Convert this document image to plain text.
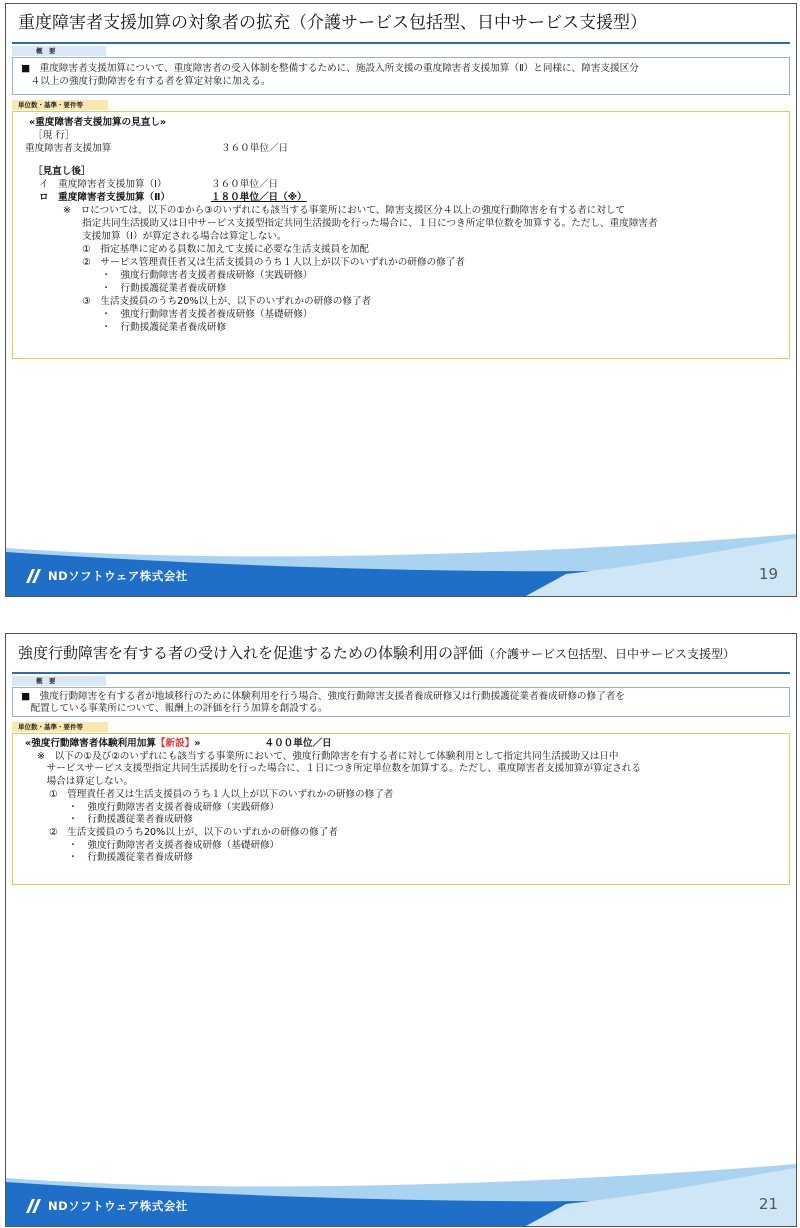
重度障害者支援加算の対象者の拡充（介護サービス包括型、日中サービス支援型）
概　要
■　重度障害者支援加算について、重度障害者の受入体制を整備するために、施設入所支援の重度障害者支援加算（Ⅱ）と同様に、障害支援区分
　４以上の強度行動障害を有する者を算定対象に加える。
単位数・基準・要件等
«重度障害者支援加算の見直し»
［現 行］
重度障害者支援加算	３６０単位／日
［見直し後］
イ　重度障害者支援加算（Ⅰ）	３６０単位／日
ロ　重度障害者支援加算（Ⅱ）	１８０単位／日（※）
※　ロについては、以下の①から③のいずれにも該当する事業所において、障害支援区分４以上の強度行動障害を有する者に対して
　　指定共同生活援助又は日中サービス支援型指定共同生活援助を行った場合に、１日につき所定単位数を加算する。ただし、重度障害者
　　支援加算（Ⅰ）が算定される場合は算定しない。
　　①　指定基準に定める員数に加えて支援に必要な生活支援員を加配
　　②　サービス管理責任者又は生活支援員のうち１人以上が以下のいずれかの研修の修了者
　　　　・　強度行動障害者支援者養成研修（実践研修）
　　　　・　行動援護従業者養成研修
　　③　生活支援員のうち20%以上が、以下のいずれかの研修の修了者
　　　　・　強度行動障害者支援者養成研修（基礎研修）
　　　　・　行動援護従業者養成研修
NDソフトウェア株式会社	19
強度行動障害を有する者の受け入れを促進するための体験利用の評価（介護サービス包括型、日中サービス支援型）
概　要
■　強度行動障害を有する者が地域移行のために体験利用を行う場合、強度行動障害支援者養成研修又は行動援護従業者養成研修の修了者を
　配置している事業所について、報酬上の評価を行う加算を創設する。
単位数・基準・要件等
«強度行動障害者体験利用加算【新設】»	４００単位／日
※　以下の①及び②のいずれにも該当する事業所において、強度行動障害を有する者に対して体験利用として指定共同生活援助又は日中
　サービスサービス支援型指定共同生活援助を行った場合に、１日につき所定単位数を加算する。ただし、重度障害者支援加算が算定される
　場合は算定しない。
①　管理責任者又は生活支援員のうち１人以上が以下のいずれかの研修の修了者
　　・　強度行動障害者支援者養成研修（実践研修）
　　・　行動援護従業者養成研修
②　生活支援員のうち20%以上が、以下のいずれかの研修の修了者
　　・　強度行動障害者支援者養成研修（基礎研修）
　　・　行動援護従業者養成研修
NDソフトウェア株式会社	21
